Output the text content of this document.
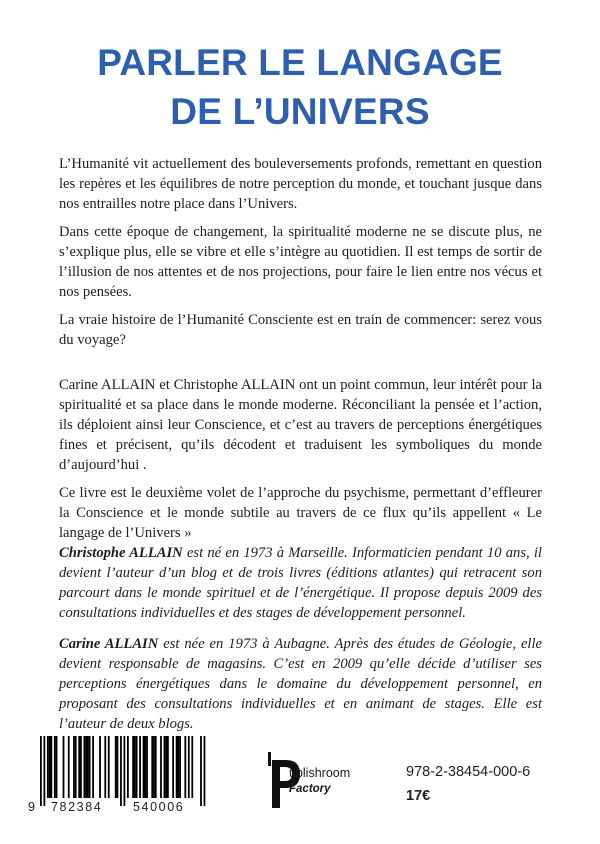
PARLER LE LANGAGE
DE L’UNIVERS

L’Humanité vit actuellement des bouleversements profonds, remettant en question les repères et les équilibres de notre perception du monde, et touchant jusque dans nos entrailles notre place dans l’Univers.

Dans cette époque de changement, la spiritualité moderne ne se discute plus, ne s’explique plus, elle se vibre et elle s’intègre au quotidien. Il est temps de sortir de l’illusion de nos attentes et de nos projections, pour faire le lien entre nos vécus et nos pensées.

La vraie histoire de l’Humanité Consciente est en train de commencer: serez vous du voyage?

Carine ALLAIN et Christophe ALLAIN ont un point commun, leur intérêt pour la spiritualité et sa place dans le monde moderne. Réconciliant la pensée et l’action, ils déploient ainsi leur Conscience, et c’est au travers de perceptions énergétiques fines et précisent, qu’ils décodent et traduisent les symboliques du monde d’aujourd’hui .

Ce livre est le deuxième volet de l’approche du psychisme, permettant d’effleurer la Conscience et le monde subtile au travers de ce flux qu’ils appellent « Le langage de l’Univers »

Christophe ALLAIN est né en 1973 à Marseille. Informaticien pendant 10 ans, il devient l’auteur d’un blog et de trois livres (éditions atlantes) qui retracent son parcourt dans le monde spirituel et de l’énergétique. Il propose depuis 2009 des consultations individuelles et des stages de développement personnel.

Carine ALLAIN est née en 1973 à Aubagne. Après des études de Géologie, elle devient responsable de magasins. C’est en 2009 qu’elle décide d’utiliser ses perceptions énergétiques dans le domaine du développement personnel, en proposant des consultations individuelles et en animant de stages. Elle est l’auteur de deux blogs.

9 782384 540006
ublishroom
Factory
978-2-38454-000-6
17€
